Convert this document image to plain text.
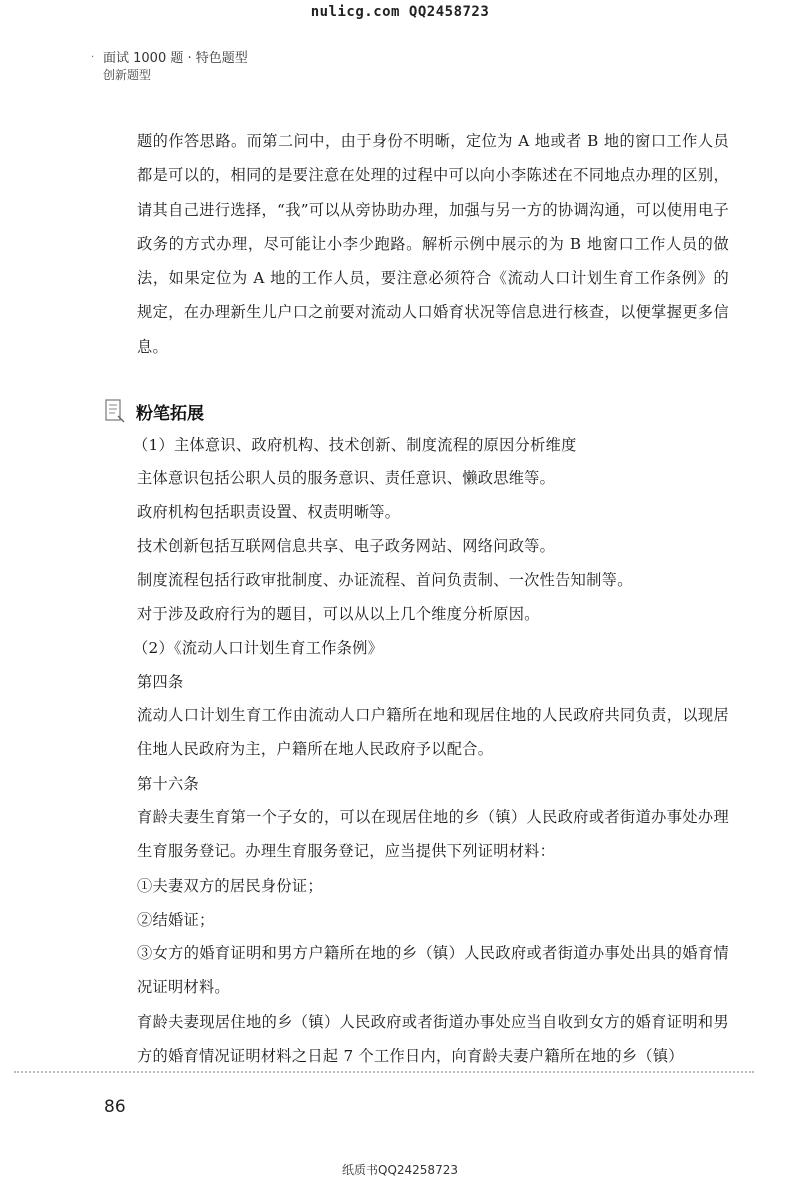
nulicg.com QQ2458723
. 面试 1000 题 · 特色题型
创新题型
题的作答思路。而第二问中，由于身份不明晰，定位为 A 地或者 B 地的窗口工作人员都是可以的，相同的是要注意在处理的过程中可以向小李陈述在不同地点办理的区别，请其自己进行选择，“我”可以从旁协助办理，加强与另一方的协调沟通，可以使用电子政务的方式办理，尽可能让小李少跑路。解析示例中展示的为 B 地窗口工作人员的做法，如果定位为 A 地的工作人员，要注意必须符合《流动人口计划生育工作条例》的规定，在办理新生儿户口之前要对流动人口婚育状况等信息进行核查，以便掌握更多信息。
粉笔拓展
（1）主体意识、政府机构、技术创新、制度流程的原因分析维度
主体意识包括公职人员的服务意识、责任意识、懒政思维等。
政府机构包括职责设置、权责明晰等。
技术创新包括互联网信息共享、电子政务网站、网络问政等。
制度流程包括行政审批制度、办证流程、首问负责制、一次性告知制等。
对于涉及政府行为的题目，可以从以上几个维度分析原因。
（2）《流动人口计划生育工作条例》
第四条
流动人口计划生育工作由流动人口户籍所在地和现居住地的人民政府共同负责，以现居住地人民政府为主，户籍所在地人民政府予以配合。
第十六条
育龄夫妻生育第一个子女的，可以在现居住地的乡（镇）人民政府或者街道办事处办理生育服务登记。办理生育服务登记，应当提供下列证明材料：
①夫妻双方的居民身份证；
②结婚证；
③女方的婚育证明和男方户籍所在地的乡（镇）人民政府或者街道办事处出具的婚育情况证明材料。
育龄夫妻现居住地的乡（镇）人民政府或者街道办事处应当自收到女方的婚育证明和男方的婚育情况证明材料之日起 7 个工作日内，向育龄夫妻户籍所在地的乡（镇）
86
纸质书QQ24258723
